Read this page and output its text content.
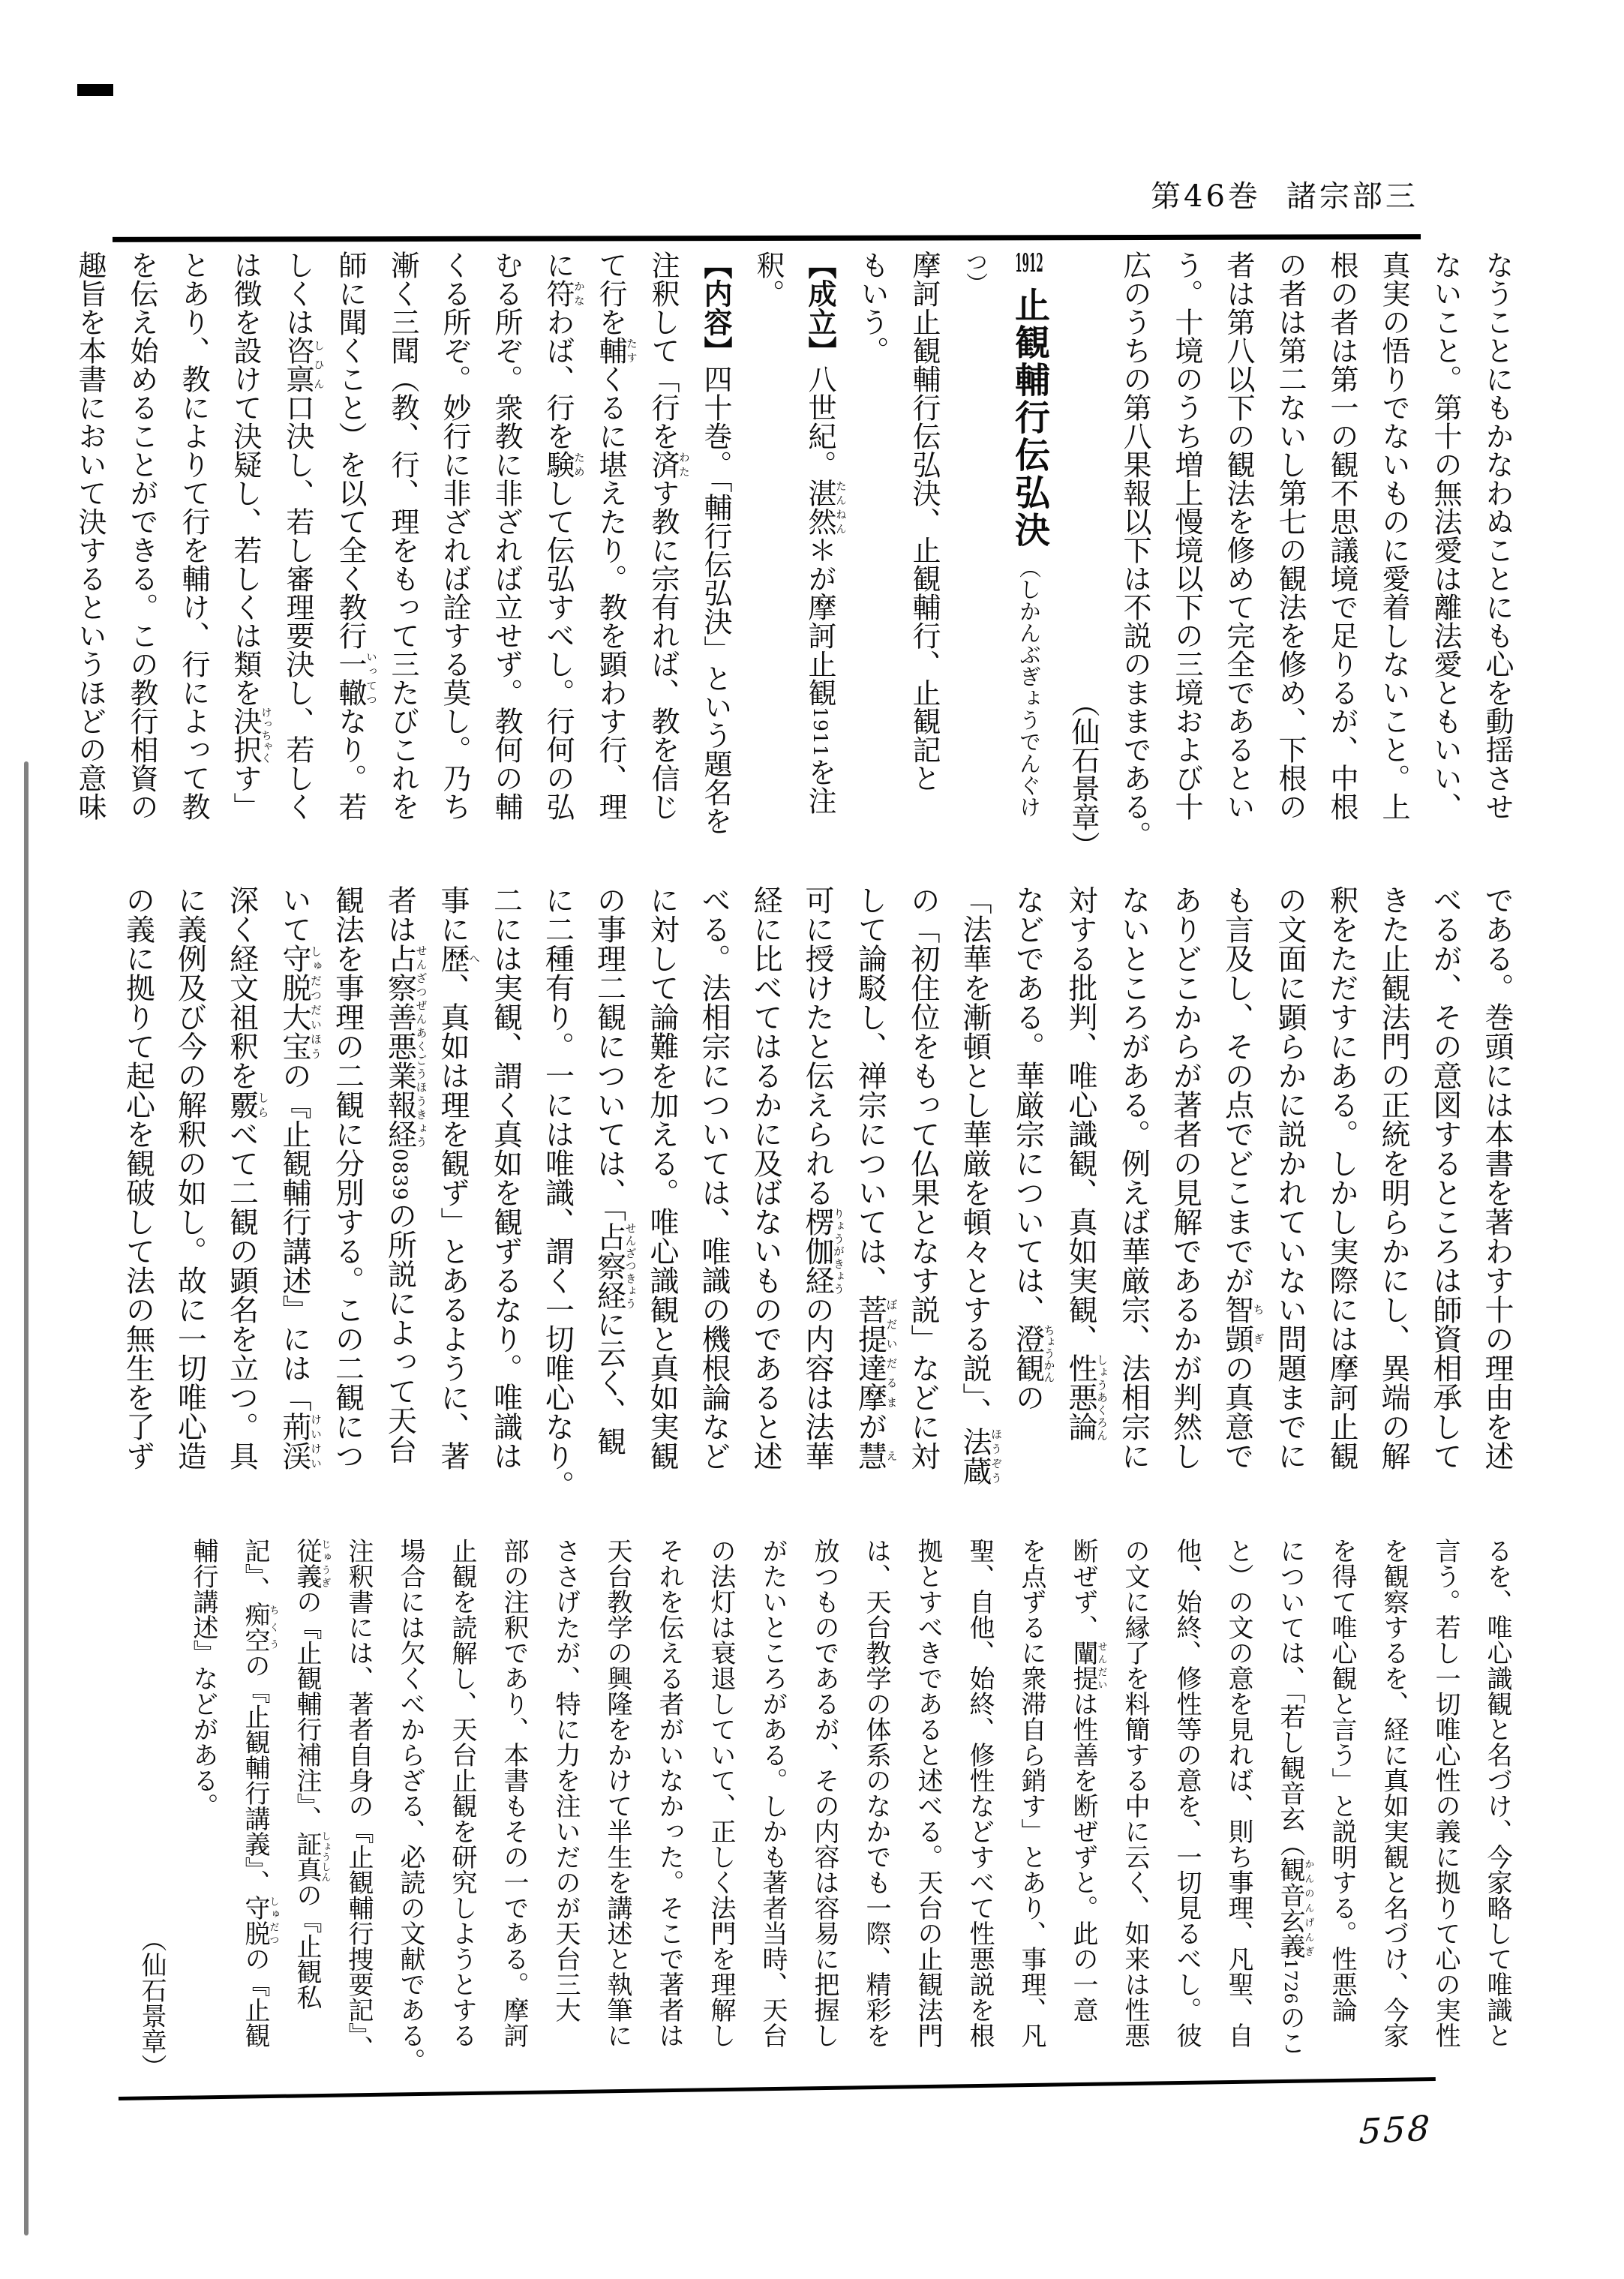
第46巻 諸宗部三
なうことにもかなわぬことにも心を動揺させ
ないこと。第十の無法愛は離法愛ともいい、
真実の悟りでないものに愛着しないこと。上
根の者は第一の観不思議境で足りるが、中根
の者は第二ないし第七の観法を修め、下根の
者は第八以下の観法を修めて完全であるとい
う。十境のうち増上慢境以下の三境および十
広のうちの第八果報以下は不説のままである。
（仙石景章）
1912止観輔行伝弘決（しかんぶぎょうでんぐけ
つ）
摩訶止観輔行伝弘決、止観輔行、止観記と
もいう。
【成立】八世紀。湛然たんねん＊が摩訶止観1911を注釈。
【内容】四十巻。「輔行伝弘決」という題名を
注釈して「行を済わたす教に宗有れば、教を信じ
て行を輔たすくるに堪えたり。教を顕わす行、理
に符かなわば、行を験ためして伝弘すべし。行何の弘
むる所ぞ。衆教に非ざれば立せず。教何の輔
くる所ぞ。妙行に非ざれば詮する莫し。乃ち
漸く三聞（教、行、理をもって三たびこれを
師に聞くこと）を以て全く教行一轍いってつなり。若
しくは咨禀しひん口決し、若し審理要決し、若しく
は徴を設けて決疑し、若しくは類を決択けっちゃくす」
とあり、教によりて行を輔け、行によって教
を伝え始めることができる。この教行相資の
趣旨を本書において決するというほどの意味
である。巻頭には本書を著わす十の理由を述
べるが、その意図するところは師資相承して
きた止観法門の正統を明らかにし、異端の解
釈をただすにある。しかし実際には摩訶止観
の文面に顕らかに説かれていない問題までに
も言及し、その点でどこまでが智顗ちぎの真意で
ありどこからが著者の見解であるかが判然し
ないところがある。例えば華厳宗、法相宗に
対する批判、唯心識観、真如実観、性悪論しょうあくろん
などである。華厳宗については、澄観ちょうかんの
「法華を漸頓とし華厳を頓々とする説」、法蔵ほうぞう
の「初住位をもって仏果となす説」などに対
して論駁し、禅宗については、菩提達摩ぼだいだるまが慧え
可に授けたと伝えられる楞伽経りょうがきょうの内容は法華
経に比べてはるかに及ばないものであると述
べる。法相宗については、唯識の機根論など
に対して論難を加える。唯心識観と真如実観
の事理二観については、「占察経せんざつきょうに云く、観
に二種有り。一には唯識、謂く一切唯心なり。
二には実観、謂く真如を観ずるなり。唯識は
事に歴へ、真如は理を観ず」とあるように、著
者は占察善悪業報経せんざつぜんあくごうほうきょう0839の所説によって天台
観法を事理の二観に分別する。この二観につ
いて守脱大宝しゅだつだいほうの『止観輔行講述』には「荊渓けいけい
深く経文祖釈を覈しらべて二観の顕名を立つ。具
に義例及び今の解釈の如し。故に一切唯心造
の義に拠りて起心を観破して法の無生を了ず
るを、唯心識観と名づけ、今家略して唯識と
言う。若し一切唯心性の義に拠りて心の実性
を観察するを、経に真如実観と名づけ、今家
を得て唯心観と言う」と説明する。性悪論
については、「若し観音玄（観音玄義かんのんげんぎ1726のこ
と）の文の意を見れば、則ち事理、凡聖、自
他、始終、修性等の意を、一切見るべし。彼
の文に縁了を料簡する中に云く、如来は性悪
断ぜず、闡提せんだいは性善を断ぜずと。此の一意
を点ずるに衆滞自ら銷す」とあり、事理、凡
聖、自他、始終、修性などすべて性悪説を根
拠とすべきであると述べる。天台の止観法門
は、天台教学の体系のなかでも一際、精彩を
放つものであるが、その内容は容易に把握し
がたいところがある。しかも著者当時、天台
の法灯は衰退していて、正しく法門を理解し
それを伝える者がいなかった。そこで著者は
天台教学の興隆をかけて半生を講述と執筆に
ささげたが、特に力を注いだのが天台三大
部の注釈であり、本書もその一である。摩訶
止観を読解し、天台止観を研究しようとする
場合には欠くべからざる、必読の文献である。
注釈書には、著者自身の『止観輔行捜要記』、
従義じゅうぎの『止観輔行補注』、証真しょうしんの『止観私
記』、痴空ちくうの『止観輔行講義』、守脱しゅだつの『止観
輔行講述』などがある。
（仙石景章）
558
